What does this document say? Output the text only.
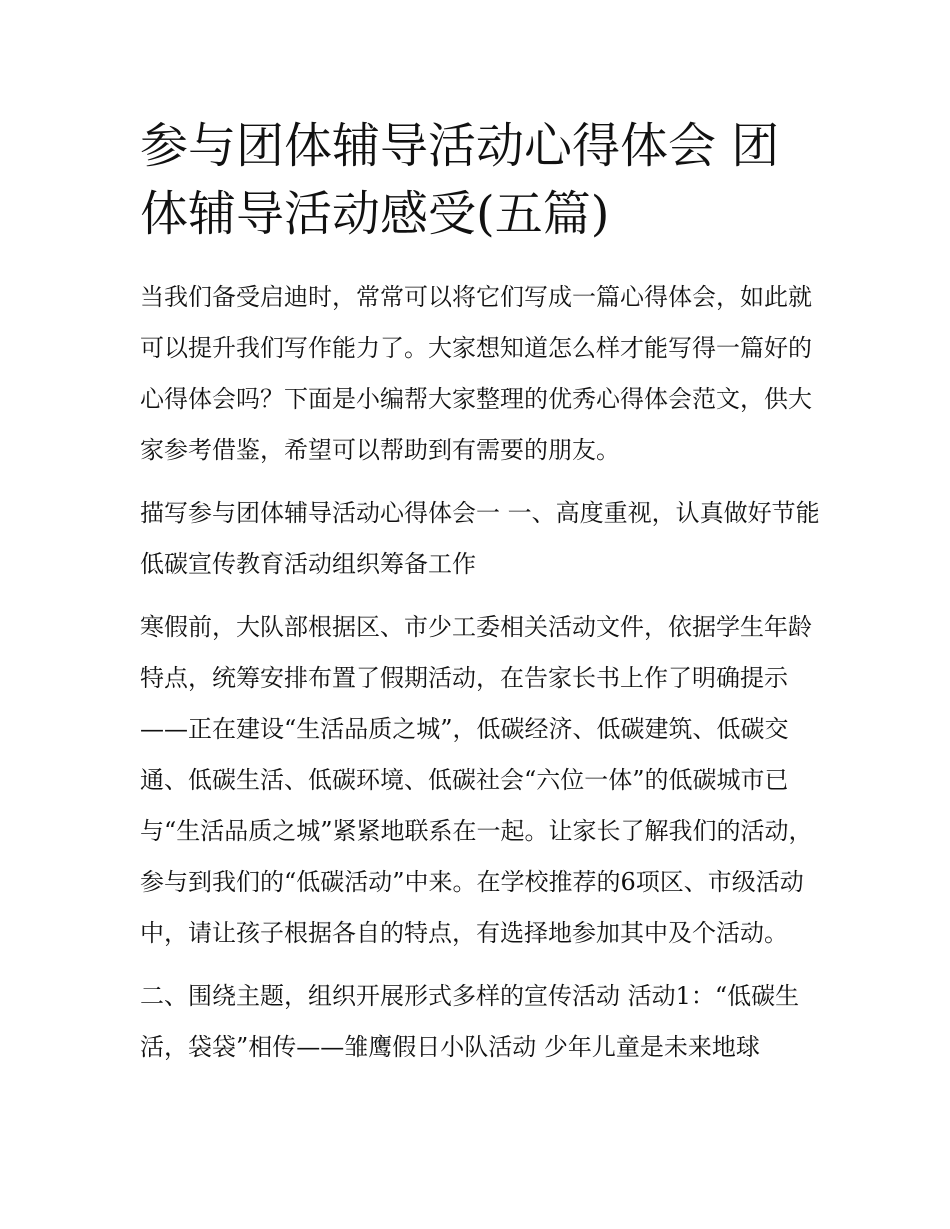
参与团体辅导活动心得体会 团体辅导活动感受(五篇)

当我们备受启迪时，常常可以将它们写成一篇心得体会，如此就可以提升我们写作能力了。大家想知道怎么样才能写得一篇好的心得体会吗？下面是小编帮大家整理的优秀心得体会范文，供大家参考借鉴，希望可以帮助到有需要的朋友。

描写参与团体辅导活动心得体会一 一、高度重视，认真做好节能低碳宣传教育活动组织筹备工作

寒假前，大队部根据区、市少工委相关活动文件，依据学生年龄特点，统筹安排布置了假期活动，在告家长书上作了明确提示——正在建设“生活品质之城”，低碳经济、低碳建筑、低碳交通、低碳生活、低碳环境、低碳社会“六位一体”的低碳城市已与“生活品质之城”紧紧地联系在一起。让家长了解我们的活动，参与到我们的“低碳活动”中来。在学校推荐的6项区、市级活动中，请让孩子根据各自的特点，有选择地参加其中及个活动。

二、围绕主题，组织开展形式多样的宣传活动 活动1：“低碳生活，袋袋”相传——雏鹰假日小队活动 少年儿童是未来地球
